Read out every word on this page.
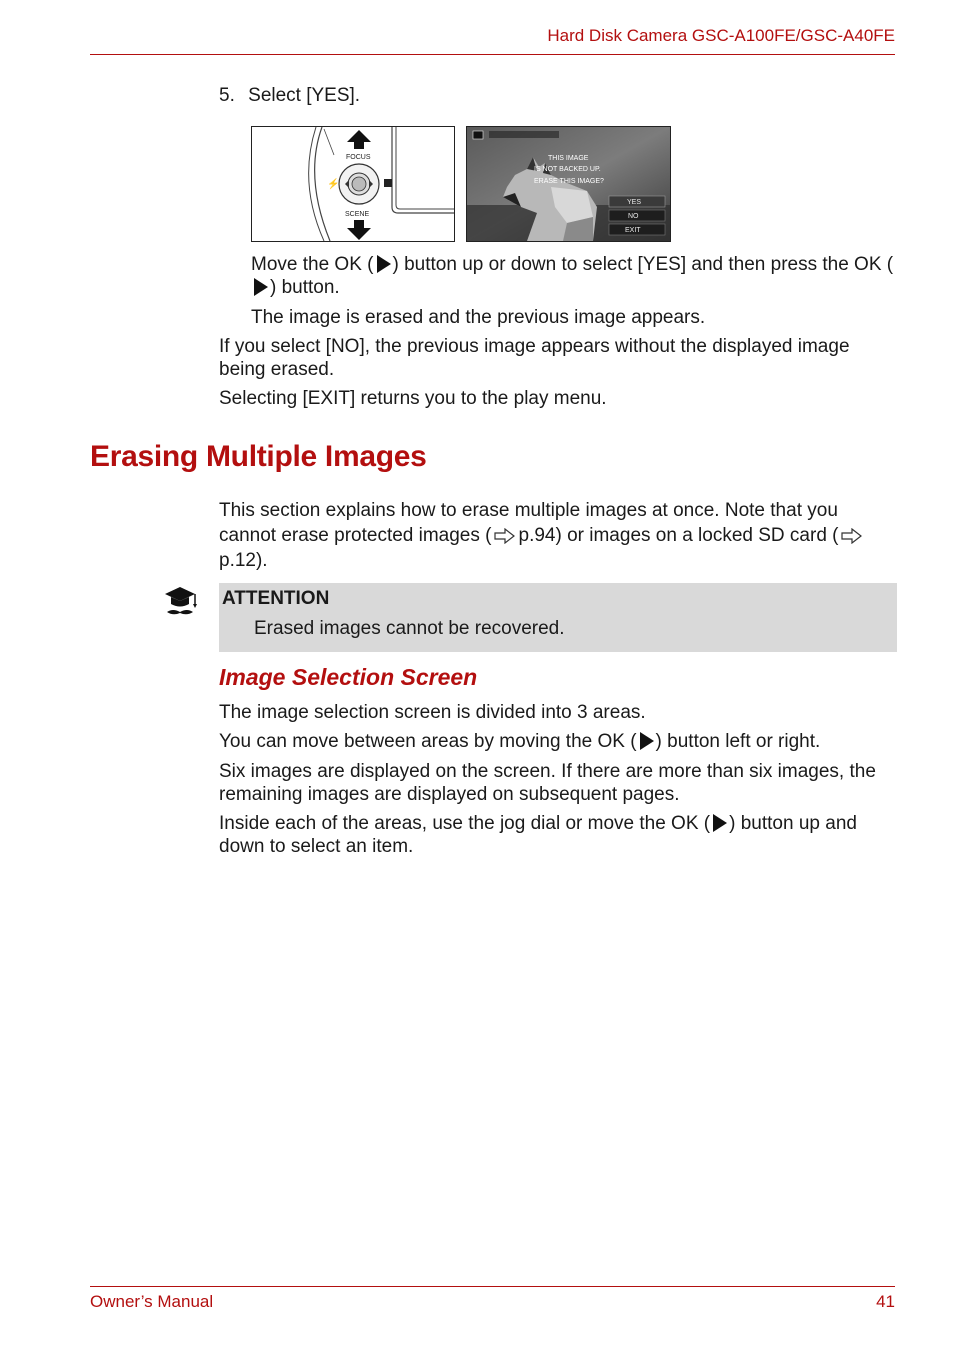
Hard Disk Camera GSC-A100FE/GSC-A40FE
5. Select [YES].
FOCUS
⚡
SCENE
THIS IMAGE
IS NOT BACKED UP.
ERASE THIS IMAGE?
YES
NO
EXIT
Move the OK ( ) button up or down to select [YES] and then press the OK () button.
The image is erased and the previous image appears.
If you select [NO], the previous image appears without the displayed image being erased.
Selecting [EXIT] returns you to the play menu.
Erasing Multiple Images
This section explains how to erase multiple images at once. Note that you cannot erase protected images ( p.94) or images on a locked SD card (p.12).
ATTENTION
Erased images cannot be recovered.
Image Selection Screen
The image selection screen is divided into 3 areas.
You can move between areas by moving the OK ( ) button left or right.
Six images are displayed on the screen. If there are more than six images, the remaining images are displayed on subsequent pages.
Inside each of the areas, use the jog dial or move the OK ( ) button up and down to select an item.
Owner’s Manual	41
